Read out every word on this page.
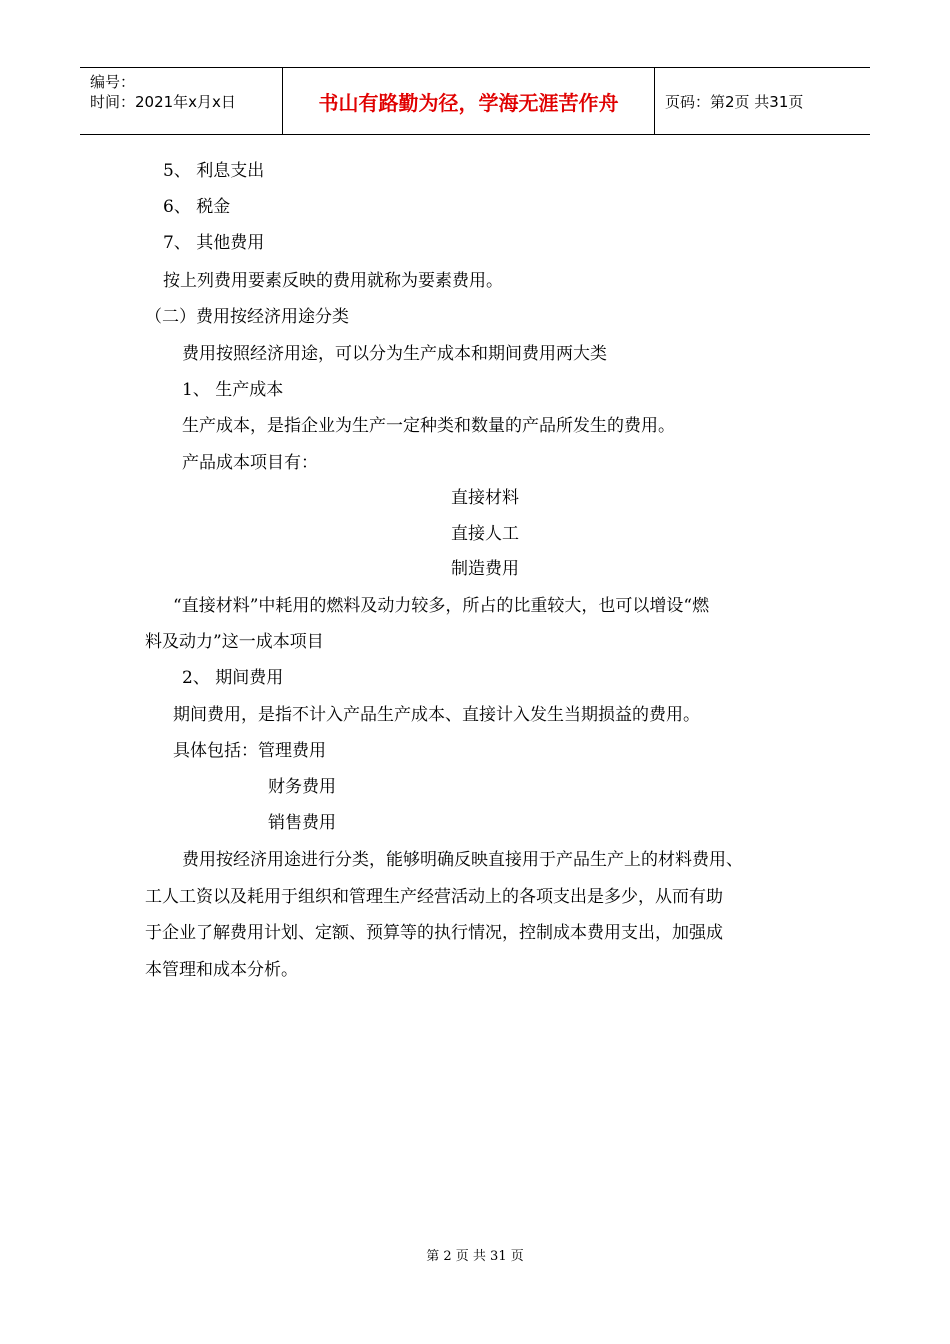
编号：
时间：2021年x月x日	书山有路勤为径，学海无涯苦作舟	页码：第2页 共31页
5、 利息支出
6、 税金
7、 其他费用
按上列费用要素反映的费用就称为要素费用。
（二）费用按经济用途分类
费用按照经济用途，可以分为生产成本和期间费用两大类
1、 生产成本
生产成本，是指企业为生产一定种类和数量的产品所发生的费用。
产品成本项目有：
直接材料
直接人工
制造费用
“直接材料”中耗用的燃料及动力较多，所占的比重较大，也可以增设“燃
料及动力”这一成本项目
2、 期间费用
期间费用，是指不计入产品生产成本、直接计入发生当期损益的费用。
具体包括：管理费用
财务费用
销售费用
费用按经济用途进行分类，能够明确反映直接用于产品生产上的材料费用、
工人工资以及耗用于组织和管理生产经营活动上的各项支出是多少，从而有助
于企业了解费用计划、定额、预算等的执行情况，控制成本费用支出，加强成
本管理和成本分析。
第 2 页 共 31 页
